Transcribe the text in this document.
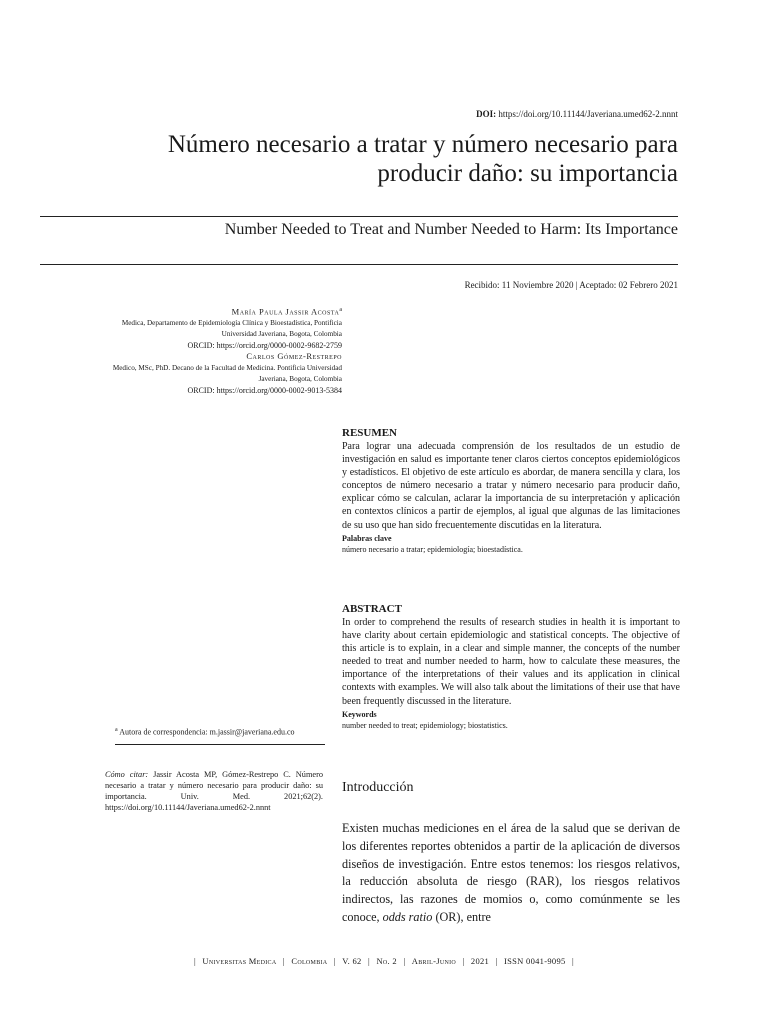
DOI: https://doi.org/10.11144/Javeriana.umed62-2.nnnt
Número necesario a tratar y número necesario para producir daño: su importancia
Number Needed to Treat and Number Needed to Harm: Its Importance
Recibido: 11 Noviembre 2020 | Aceptado: 02 Febrero 2021
María Paula Jassir Acosta$^a$
Medica, Departamento de Epidemiología Clínica y Bioestadística, Pontificia Universidad Javeriana, Bogota, Colombia
ORCID: https://orcid.org/0000-0002-9682-2759
Carlos Gómez-Restrepo
Medico, MSc, PhD. Decano de la Facultad de Medicina. Pontificia Universidad Javeriana, Bogota, Colombia
ORCID: https://orcid.org/0000-0002-9013-5384
RESUMEN

Para lograr una adecuada comprensión de los resultados de un estudio de investigación en salud es importante tener claros ciertos conceptos epidemiológicos y estadísticos. El objetivo de este artículo es abordar, de manera sencilla y clara, los conceptos de número necesario a tratar y número necesario para producir daño, explicar cómo se calculan, aclarar la importancia de su interpretación y aplicación en contextos clínicos a partir de ejemplos, al igual que algunas de las limitaciones de su uso que han sido frecuentemente discutidas en la literatura.

Palabras clave
número necesario a tratar; epidemiología; bioestadística.
ABSTRACT

In order to comprehend the results of research studies in health it is important to have clarity about certain epidemiologic and statistical concepts. The objective of this article is to explain, in a clear and simple manner, the concepts of the number needed to treat and number needed to harm, how to calculate these measures, the importance of the interpretations of their values and its application in clinical contexts with examples. We will also talk about the limitations of their use that have been frequently discussed in the literature.

Keywords
number needed to treat; epidemiology; biostatistics.
$^a$ Autora de correspondencia: m.jassir@javeriana.edu.co
Cómo citar: Jassir Acosta MP, Gómez-Restrepo C. Número necesario a tratar y número necesario para producir daño: su importancia. Univ. Med. 2021;62(2). https://doi.org/10.11144/Javeriana.umed62-2.nnnt
Introducción

Existen muchas mediciones en el área de la salud que se derivan de los diferentes reportes obtenidos a partir de la aplicación de diversos diseños de investigación. Entre estos tenemos: los riesgos relativos, la reducción absoluta de riesgo (RAR), los riesgos relativos indirectos, las razones de momios o, como comúnmente se les conoce, odds ratio (OR), entre

| Universitas Medica | Colombia | V. 62 | No. 2 | Abril-Junio | 2021 | ISSN 0041-9095 |
